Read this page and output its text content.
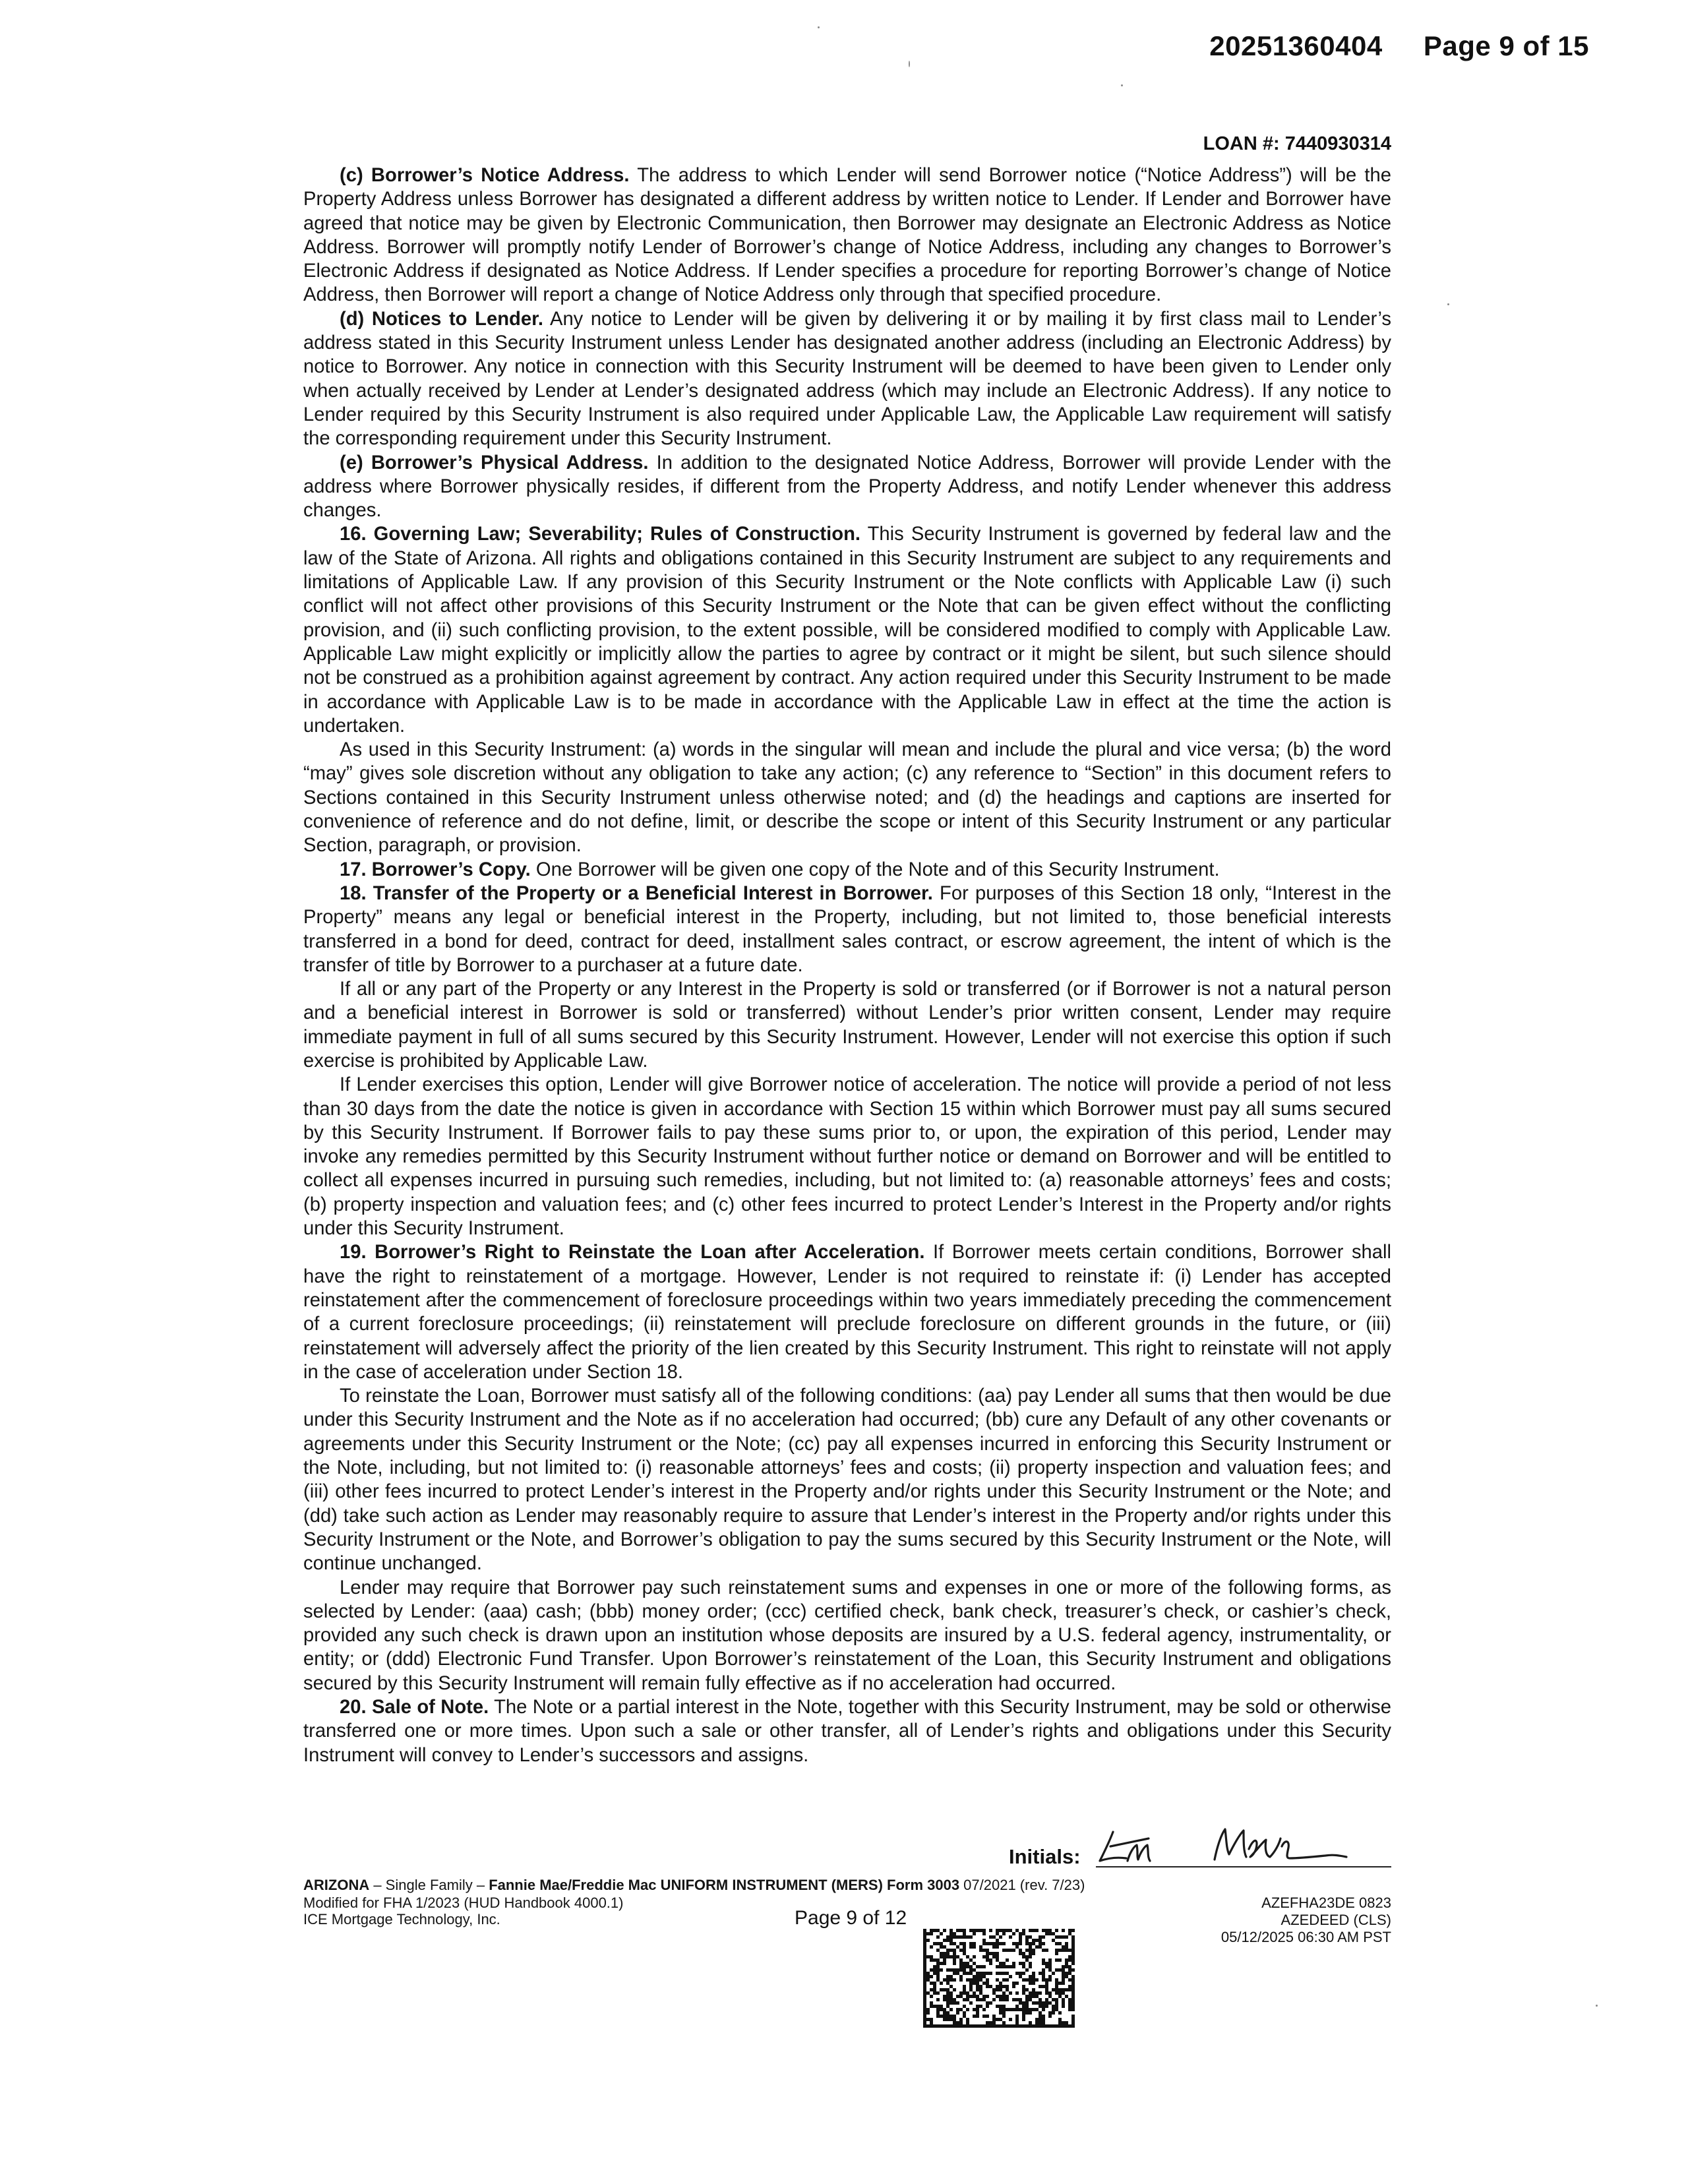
20251360404 Page 9 of 15
LOAN #: 7440930314

(c) Borrower’s Notice Address. The address to which Lender will send Borrower notice (“Notice Address”) will be the Property Address unless Borrower has designated a different address by written notice to Lender. If Lender and Borrower have agreed that notice may be given by Electronic Communication, then Borrower may designate an Electronic Address as Notice Address. Borrower will promptly notify Lender of Borrower’s change of Notice Address, including any changes to Borrower’s Electronic Address if designated as Notice Address. If Lender specifies a procedure for reporting Borrower’s change of Notice Address, then Borrower will report a change of Notice Address only through that specified procedure.

(d) Notices to Lender. Any notice to Lender will be given by delivering it or by mailing it by first class mail to Lender’s address stated in this Security Instrument unless Lender has designated another address (including an Electronic Address) by notice to Borrower. Any notice in connection with this Security Instrument will be deemed to have been given to Lender only when actually received by Lender at Lender’s designated address (which may include an Electronic Address). If any notice to Lender required by this Security Instrument is also required under Applicable Law, the Applicable Law requirement will satisfy the corresponding requirement under this Security Instrument.

(e) Borrower’s Physical Address. In addition to the designated Notice Address, Borrower will provide Lender with the address where Borrower physically resides, if different from the Property Address, and notify Lender whenever this address changes.

16. Governing Law; Severability; Rules of Construction. This Security Instrument is governed by federal law and the law of the State of Arizona. All rights and obligations contained in this Security Instrument are subject to any requirements and limitations of Applicable Law. If any provision of this Security Instrument or the Note conflicts with Applicable Law (i) such conflict will not affect other provisions of this Security Instrument or the Note that can be given effect without the conflicting provision, and (ii) such conflicting provision, to the extent possible, will be considered modified to comply with Applicable Law. Applicable Law might explicitly or implicitly allow the parties to agree by contract or it might be silent, but such silence should not be construed as a prohibition against agreement by contract. Any action required under this Security Instrument to be made in accordance with Applicable Law is to be made in accordance with the Applicable Law in effect at the time the action is undertaken.

As used in this Security Instrument: (a) words in the singular will mean and include the plural and vice versa; (b) the word “may” gives sole discretion without any obligation to take any action; (c) any reference to “Section” in this document refers to Sections contained in this Security Instrument unless otherwise noted; and (d) the headings and captions are inserted for convenience of reference and do not define, limit, or describe the scope or intent of this Security Instrument or any particular Section, paragraph, or provision.

17. Borrower’s Copy. One Borrower will be given one copy of the Note and of this Security Instrument.

18. Transfer of the Property or a Beneficial Interest in Borrower. For purposes of this Section 18 only, “Interest in the Property” means any legal or beneficial interest in the Property, including, but not limited to, those beneficial interests transferred in a bond for deed, contract for deed, installment sales contract, or escrow agreement, the intent of which is the transfer of title by Borrower to a purchaser at a future date.

If all or any part of the Property or any Interest in the Property is sold or transferred (or if Borrower is not a natural person and a beneficial interest in Borrower is sold or transferred) without Lender’s prior written consent, Lender may require immediate payment in full of all sums secured by this Security Instrument. However, Lender will not exercise this option if such exercise is prohibited by Applicable Law.

If Lender exercises this option, Lender will give Borrower notice of acceleration. The notice will provide a period of not less than 30 days from the date the notice is given in accordance with Section 15 within which Borrower must pay all sums secured by this Security Instrument. If Borrower fails to pay these sums prior to, or upon, the expiration of this period, Lender may invoke any remedies permitted by this Security Instrument without further notice or demand on Borrower and will be entitled to collect all expenses incurred in pursuing such remedies, including, but not limited to: (a) reasonable attorneys’ fees and costs; (b) property inspection and valuation fees; and (c) other fees incurred to protect Lender’s Interest in the Property and/or rights under this Security Instrument.

19. Borrower’s Right to Reinstate the Loan after Acceleration. If Borrower meets certain conditions, Borrower shall have the right to reinstatement of a mortgage. However, Lender is not required to reinstate if: (i) Lender has accepted reinstatement after the commencement of foreclosure proceedings within two years immediately preceding the commencement of a current foreclosure proceedings; (ii) reinstatement will preclude foreclosure on different grounds in the future, or (iii) reinstatement will adversely affect the priority of the lien created by this Security Instrument. This right to reinstate will not apply in the case of acceleration under Section 18.

To reinstate the Loan, Borrower must satisfy all of the following conditions: (aa) pay Lender all sums that then would be due under this Security Instrument and the Note as if no acceleration had occurred; (bb) cure any Default of any other covenants or agreements under this Security Instrument or the Note; (cc) pay all expenses incurred in enforcing this Security Instrument or the Note, including, but not limited to: (i) reasonable attorneys’ fees and costs; (ii) property inspection and valuation fees; and (iii) other fees incurred to protect Lender’s interest in the Property and/or rights under this Security Instrument or the Note; and (dd) take such action as Lender may reasonably require to assure that Lender’s interest in the Property and/or rights under this Security Instrument or the Note, and Borrower’s obligation to pay the sums secured by this Security Instrument or the Note, will continue unchanged.

Lender may require that Borrower pay such reinstatement sums and expenses in one or more of the following forms, as selected by Lender: (aaa) cash; (bbb) money order; (ccc) certified check, bank check, treasurer’s check, or cashier’s check, provided any such check is drawn upon an institution whose deposits are insured by a U.S. federal agency, instrumentality, or entity; or (ddd) Electronic Fund Transfer. Upon Borrower’s reinstatement of the Loan, this Security Instrument and obligations secured by this Security Instrument will remain fully effective as if no acceleration had occurred.

20. Sale of Note. The Note or a partial interest in the Note, together with this Security Instrument, may be sold or otherwise transferred one or more times. Upon such a sale or other transfer, all of Lender’s rights and obligations under this Security Instrument will convey to Lender’s successors and assigns.

Initials:
ARIZONA – Single Family – Fannie Mae/Freddie Mac UNIFORM INSTRUMENT (MERS) Form 3003 07/2021 (rev. 7/23)
Modified for FHA 1/2023 (HUD Handbook 4000.1)
ICE Mortgage Technology, Inc.	Page 9 of 12
AZEFHA23DE 0823
AZEDEED (CLS)
05/12/2025 06:30 AM PST
